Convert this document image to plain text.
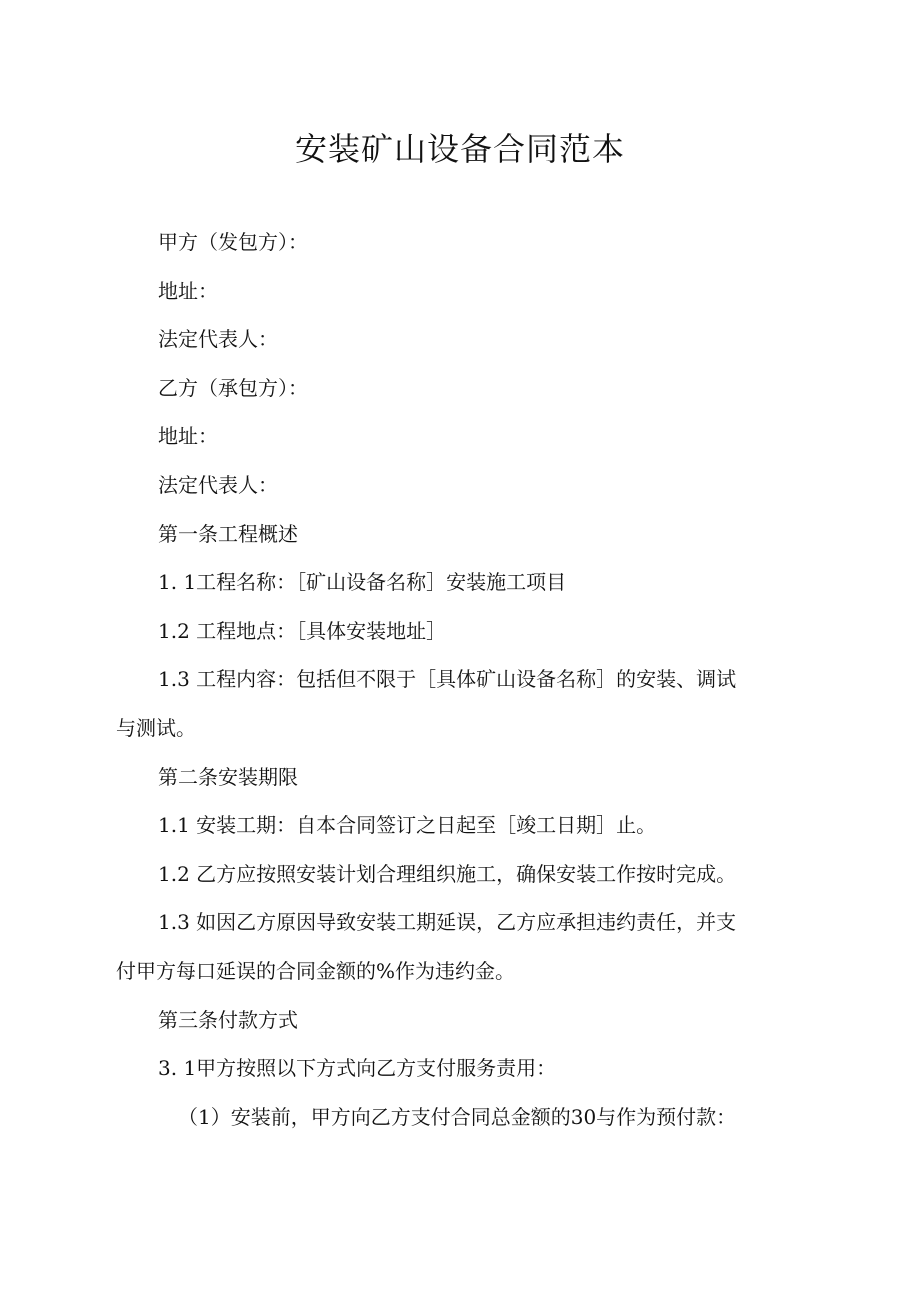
安装矿山设备合同范本
甲方（发包方）：
地址：
法定代表人：
乙方（承包方）：
地址：
法定代表人：
第一条工程概述
1. 1工程名称：［矿山设备名称］安装施工项目
1.2 工程地点：［具体安装地址］
1.3 工程内容：包括但不限于［具体矿山设备名称］的安装、调试
与测试。
第二条安装期限
1.1 安装工期：自本合同签订之日起至［竣工日期］止。
1.2 乙方应按照安装计划合理组织施工，确保安装工作按时完成。
1.3 如因乙方原因导致安装工期延误，乙方应承担违约责任，并支
付甲方每口延误的合同金额的%作为违约金。
第三条付款方式
3. 1甲方按照以下方式向乙方支付服务责用：
（1）安装前，甲方向乙方支付合同总金额的30与作为预付款：
